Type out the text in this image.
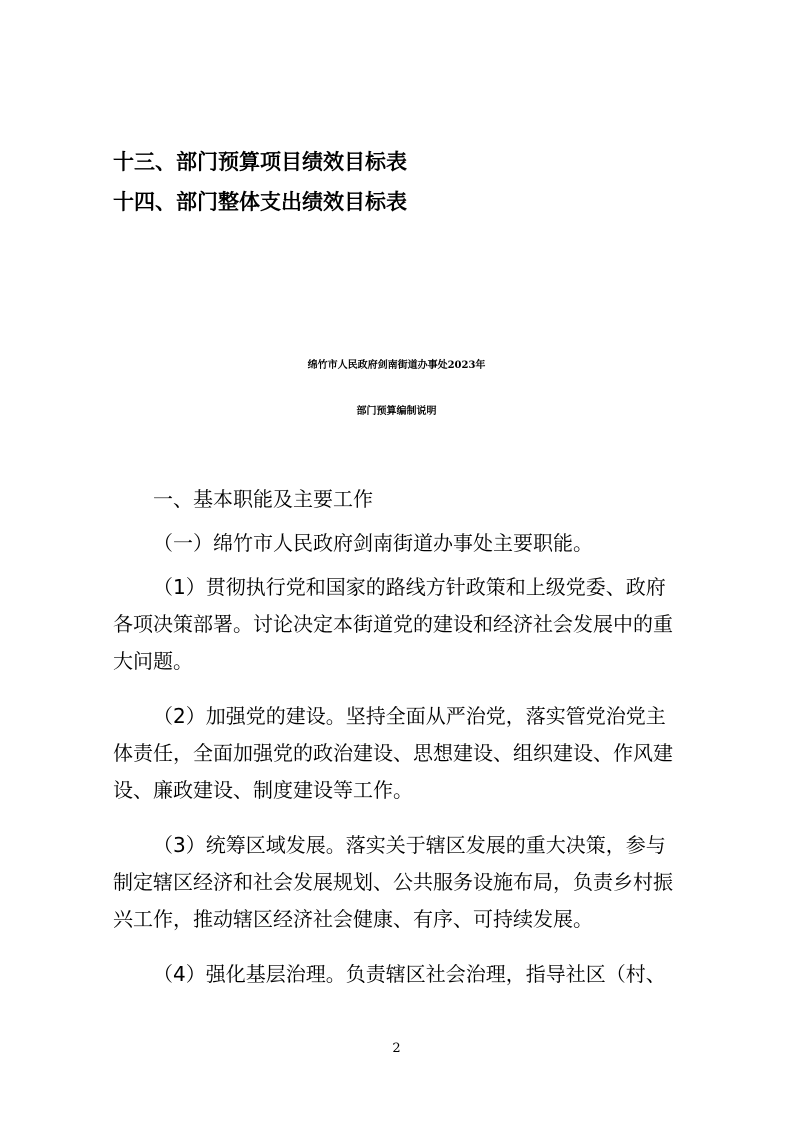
十三、部门预算项目绩效目标表
十四、部门整体支出绩效目标表
绵竹市人民政府剑南街道办事处2023年
部门预算编制说明
一、基本职能及主要工作
（一）绵竹市人民政府剑南街道办事处主要职能。
（1）贯彻执行党和国家的路线方针政策和上级党委、政府
各项决策部署。讨论决定本街道党的建设和经济社会发展中的重
大问题。
（2）加强党的建设。坚持全面从严治党，落实管党治党主
体责任，全面加强党的政治建设、思想建设、组织建设、作风建
设、廉政建设、制度建设等工作。
（3）统筹区域发展。落实关于辖区发展的重大决策，参与
制定辖区经济和社会发展规划、公共服务设施布局，负责乡村振
兴工作，推动辖区经济社会健康、有序、可持续发展。
（4）强化基层治理。负责辖区社会治理，指导社区（村、
2
